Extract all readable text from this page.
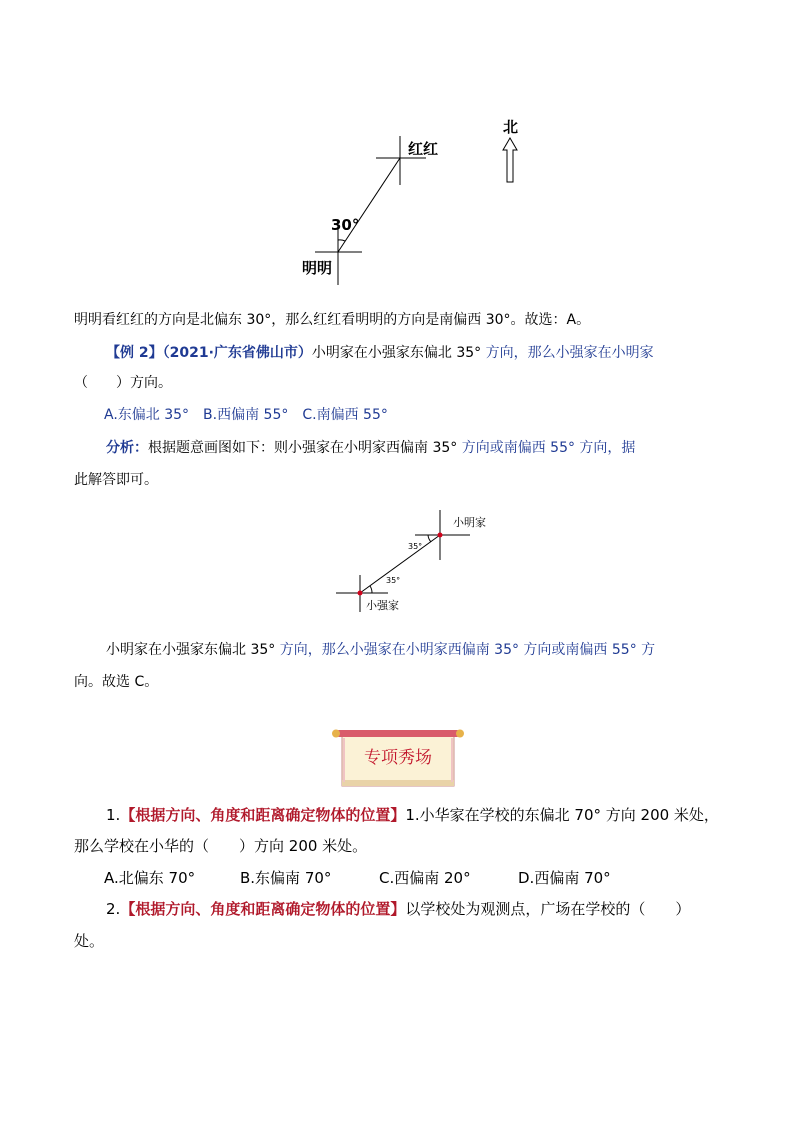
北
红红
30°
明明
明明看红红的方向是北偏东 30°，那么红红看明明的方向是南偏西 30°。故选：A。
【例 2】（2021·广东省佛山市）小明家在小强家东偏北 35° 方向，那么小强家在小明家
（　　）方向。
A.东偏北 35°　B.西偏南 55°　C.南偏西 55°
分析：根据题意画图如下：则小强家在小明家西偏南 35° 方向或南偏西 55° 方向，据
此解答即可。
小明家
小强家
35°
35°
小明家在小强家东偏北 35° 方向，那么小强家在小明家西偏南 35° 方向或南偏西 55° 方
向。故选 C。
专项秀场
1.【根据方向、角度和距离确定物体的位置】1.小华家在学校的东偏北 70° 方向 200 米处，
那么学校在小华的（　　）方向 200 米处。
A.北偏东 70°	B.东偏南 70°	C.西偏南 20°	D.西偏南 70°
2.【根据方向、角度和距离确定物体的位置】以学校处为观测点，广场在学校的（　　）
处。
